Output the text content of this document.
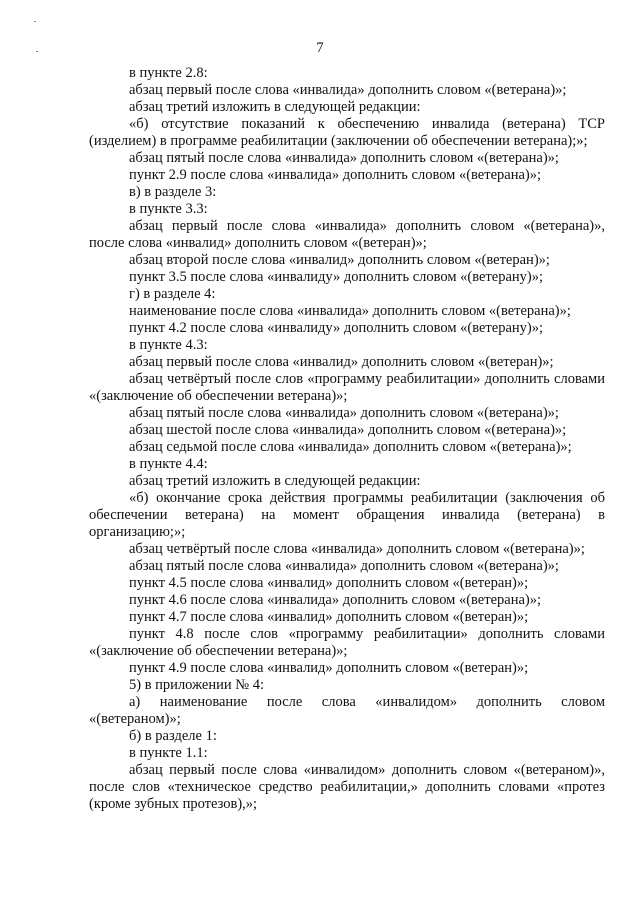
7

в пункте 2.8:

абзац первый после слова «инвалида» дополнить словом «(ветерана)»;

абзац третий изложить в следующей редакции:

«б) отсутствие показаний к обеспечению инвалида (ветерана) ТСР (изделием) в программе реабилитации (заключении об обеспечении ветерана);»;

абзац пятый после слова «инвалида» дополнить словом «(ветерана)»;

пункт 2.9 после слова «инвалида» дополнить словом «(ветерана)»;

в) в разделе 3:

в пункте 3.3:

абзац первый после слова «инвалида» дополнить словом «(ветерана)», после слова «инвалид» дополнить словом «(ветеран)»;

абзац второй после слова «инвалид» дополнить словом «(ветеран)»;

пункт 3.5 после слова «инвалиду» дополнить словом «(ветерану)»;

г) в разделе 4:

наименование после слова «инвалида» дополнить словом «(ветерана)»;

пункт 4.2 после слова «инвалиду» дополнить словом «(ветерану)»;

в пункте 4.3:

абзац первый после слова «инвалид» дополнить словом «(ветеран)»;

абзац четвёртый после слов «программу реабилитации» дополнить словами «(заключение об обеспечении ветерана)»;

абзац пятый после слова «инвалида» дополнить словом «(ветерана)»;

абзац шестой после слова «инвалида» дополнить словом «(ветерана)»;

абзац седьмой после слова «инвалида» дополнить словом «(ветерана)»;

в пункте 4.4:

абзац третий изложить в следующей редакции:

«б) окончание срока действия программы реабилитации (заключения об обеспечении ветерана) на момент обращения инвалида (ветерана) в организацию;»;

абзац четвёртый после слова «инвалида» дополнить словом «(ветерана)»;

абзац пятый после слова «инвалида» дополнить словом «(ветерана)»;

пункт 4.5 после слова «инвалид» дополнить словом «(ветеран)»;

пункт 4.6 после слова «инвалида» дополнить словом «(ветерана)»;

пункт 4.7 после слова «инвалид» дополнить словом «(ветеран)»;

пункт 4.8 после слов «программу реабилитации» дополнить словами «(заключение об обеспечении ветерана)»;

пункт 4.9 после слова «инвалид» дополнить словом «(ветеран)»;

5) в приложении № 4:

а) наименование после слова «инвалидом» дополнить словом «(ветераном)»;

б) в разделе 1:

в пункте 1.1:

абзац первый после слова «инвалидом» дополнить словом «(ветераном)», после слов «техническое средство реабилитации,» дополнить словами «протез (кроме зубных протезов),»;
